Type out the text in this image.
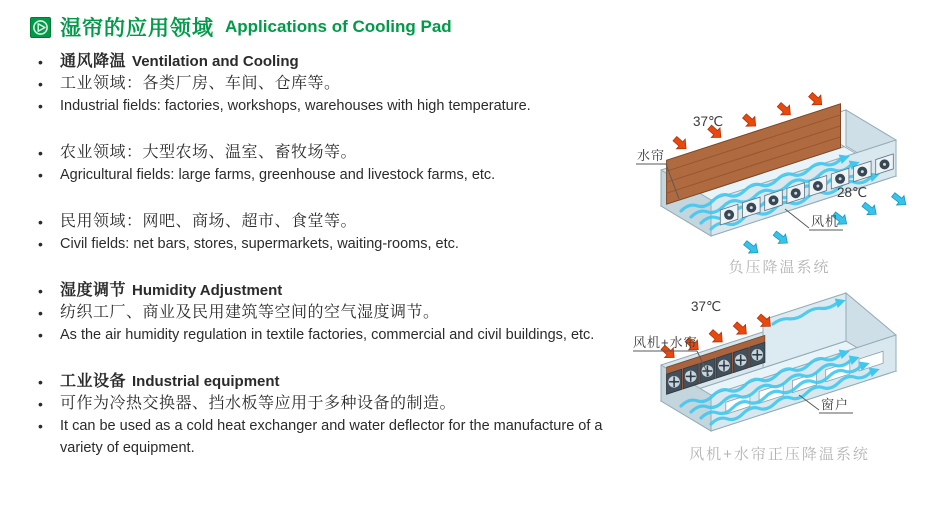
湿帘的应用领域 Applications of Cooling Pad
•	通风降温 Ventilation and Cooling
•	工业领域：各类厂房、车间、仓库等。
•	Industrial fields: factories, workshops, warehouses with high temperature.
•	农业领域：大型农场、温室、畜牧场等。
•	Agricultural fields: large farms, greenhouse and livestock farms, etc.
•	民用领域：网吧、商场、超市、食堂等。
•	Civil fields: net bars, stores, supermarkets, waiting-rooms, etc.
•	湿度调节 Humidity Adjustment
•	纺织工厂、商业及民用建筑等空间的空气湿度调节。
•	As the air humidity regulation in textile factories, commercial and civil buildings, etc.
•	工业设备 Industrial equipment
•	可作为冷热交换器、挡水板等应用于多种设备的制造。
•	It can be used as a cold heat exchanger and water deflector for the manufacture of a variety of equipment.
37℃
28℃
水帘
风机
负压降温系统
37℃
风机+水帘
窗户
风机+水帘正压降温系统
